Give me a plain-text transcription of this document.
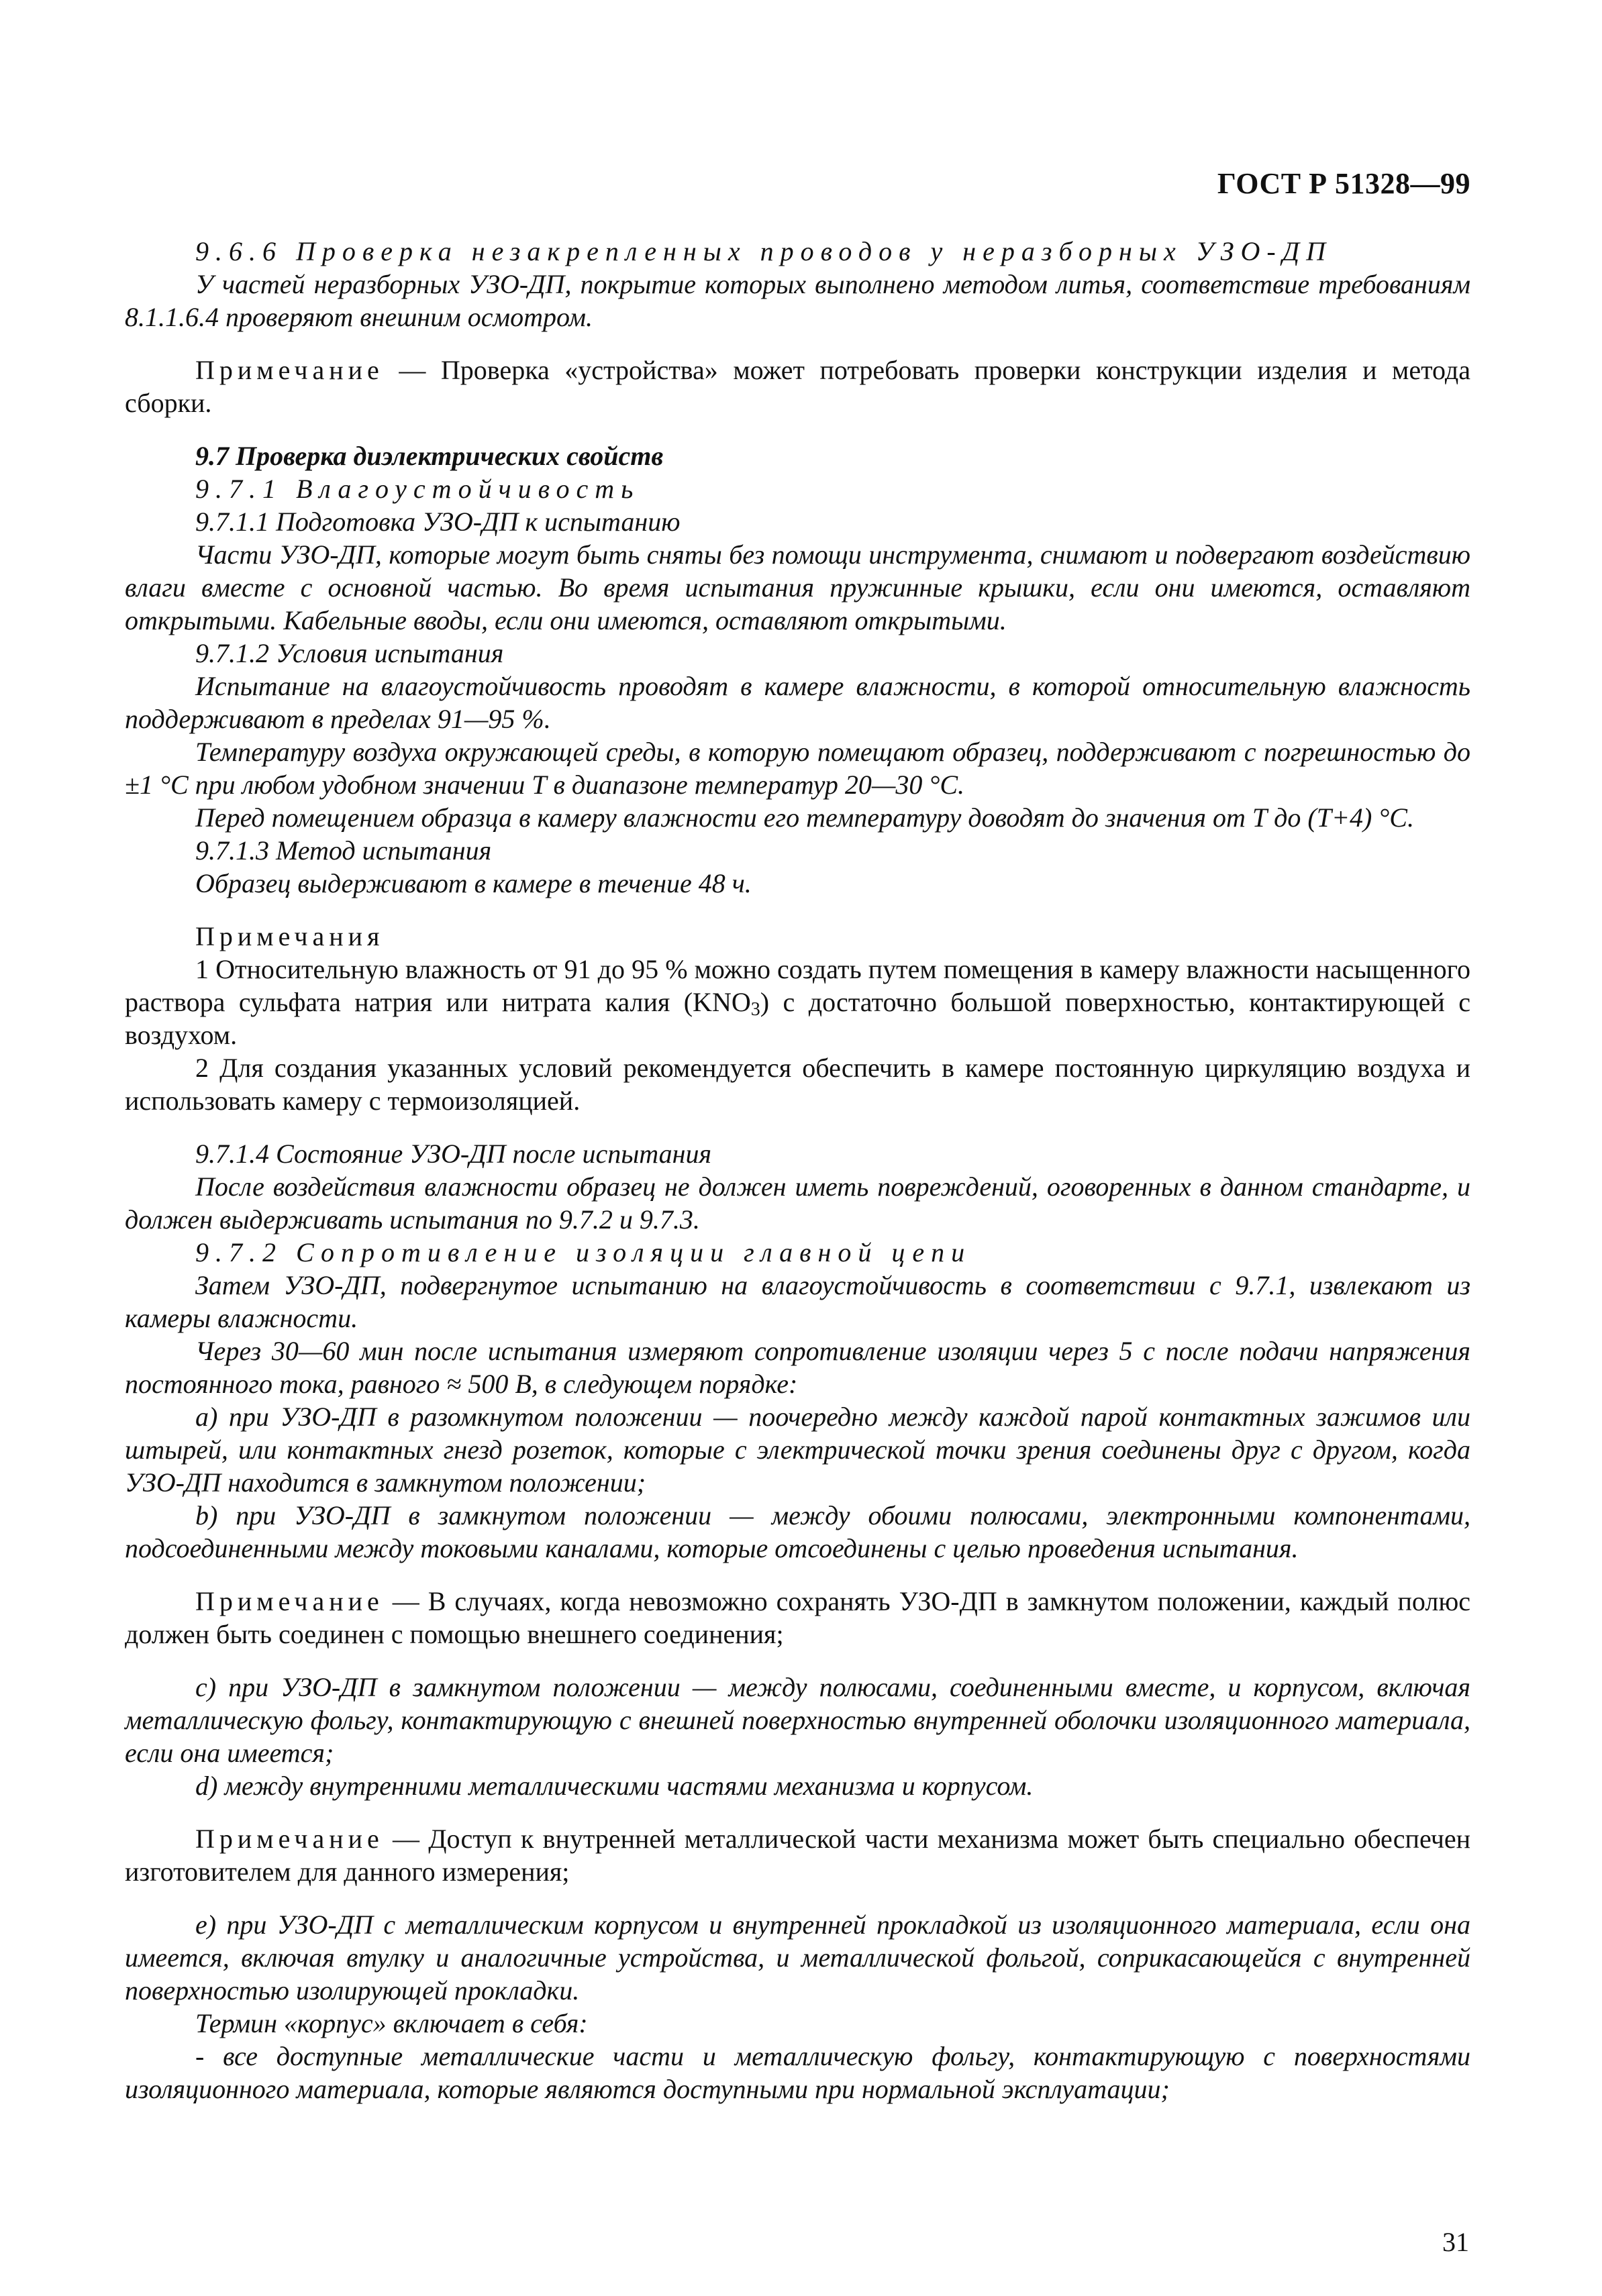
ГОСТ Р 51328—99

9.6.6 Проверка незакрепленных проводов у неразборных УЗО-ДП

У частей неразборных УЗО-ДП, покрытие которых выполнено методом литья, соответствие требованиям 8.1.1.6.4 проверяют внешним осмотром.

Примечание — Проверка «устройства» может потребовать проверки конструкции изделия и метода сборки.

9.7 Проверка диэлектрических свойств

9.7.1 Влагоустойчивость

9.7.1.1 Подготовка УЗО-ДП к испытанию

Части УЗО-ДП, которые могут быть сняты без помощи инструмента, снимают и подвергают воздействию влаги вместе с основной частью. Во время испытания пружинные крышки, если они имеются, оставляют открытыми. Кабельные вводы, если они имеются, оставляют открытыми.

9.7.1.2 Условия испытания

Испытание на влагоустойчивость проводят в камере влажности, в которой относительную влажность поддерживают в пределах 91—95 %.

Температуру воздуха окружающей среды, в которую помещают образец, поддерживают с погрешностью до ±1 °С при любом удобном значении Т в диапазоне температур 20—30 °С.

Перед помещением образца в камеру влажности его температуру доводят до значения от Т до (Т+4) °С.

9.7.1.3 Метод испытания

Образец выдерживают в камере в течение 48 ч.

Примечания

1 Относительную влажность от 91 до 95 % можно создать путем помещения в камеру влажности насыщенного раствора сульфата натрия или нитрата калия $(KNO_3)$ с достаточно большой поверхностью, контактирующей с воздухом.

2 Для создания указанных условий рекомендуется обеспечить в камере постоянную циркуляцию воздуха и использовать камеру с термоизоляцией.

9.7.1.4 Состояние УЗО-ДП после испытания

После воздействия влажности образец не должен иметь повреждений, оговоренных в данном стандарте, и должен выдерживать испытания по 9.7.2 и 9.7.3.

9.7.2 Сопротивление изоляции главной цепи

Затем УЗО-ДП, подвергнутое испытанию на влагоустойчивость в соответствии с 9.7.1, извлекают из камеры влажности.

Через 30—60 мин после испытания измеряют сопротивление изоляции через 5 с после подачи напряжения постоянного тока, равного ≈ 500 В, в следующем порядке:

a) при УЗО-ДП в разомкнутом положении — поочередно между каждой парой контактных зажимов или штырей, или контактных гнезд розеток, которые с электрической точки зрения соединены друг с другом, когда УЗО-ДП находится в замкнутом положении;

b) при УЗО-ДП в замкнутом положении — между обоими полюсами, электронными компонентами, подсоединенными между токовыми каналами, которые отсоединены с целью проведения испытания.

Примечание — В случаях, когда невозможно сохранять УЗО-ДП в замкнутом положении, каждый полюс должен быть соединен с помощью внешнего соединения;

c) при УЗО-ДП в замкнутом положении — между полюсами, соединенными вместе, и корпусом, включая металлическую фольгу, контактирующую с внешней поверхностью внутренней оболочки изоляционного материала, если она имеется;

d) между внутренними металлическими частями механизма и корпусом.

Примечание — Доступ к внутренней металлической части механизма может быть специально обеспечен изготовителем для данного измерения;

e) при УЗО-ДП с металлическим корпусом и внутренней прокладкой из изоляционного материала, если она имеется, включая втулку и аналогичные устройства, и металлической фольгой, соприкасающейся с внутренней поверхностью изолирующей прокладки.

Термин «корпус» включает в себя:

- все доступные металлические части и металлическую фольгу, контактирующую с поверхностями изоляционного материала, которые являются доступными при нормальной эксплуатации;

31
